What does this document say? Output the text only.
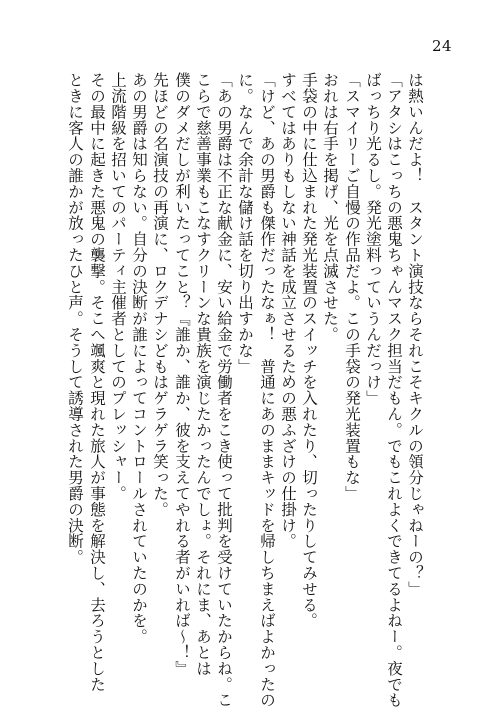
24
は熱いんだよ！　スタント演技ならそれこそキクルの領分じゃねーの？」
「アタシはこっちの悪鬼ちゃんマスク担当だもん。でもこれよくできてるよねー。夜でも
ばっちり光るし。発光塗料っていうんだっけ」
「スマイリーご自慢の作品だよ。この手袋の発光装置もな」
おれは右手を掲げ、光を点滅させた。
手袋の中に仕込まれた発光装置のスイッチを入れたり、切ったりしてみせる。
すべてはありもしない神話を成立させるための悪ふざけの仕掛け。
「けど、あの男爵も傑作だったなぁ！　普通にあのままキッドを帰しちまえばよかったの
に。なんで余計な儲け話を切り出すかな」
「あの男爵は不正な献金に、安い給金で労働者をこき使って批判を受けていたからね。こ
こらで慈善事業もこなすクリーンな貴族を演じたかったんでしょ。それにま、あとは
僕のダメだしが利いたってこと？『誰か、誰か、彼を支えてやれる者がいれば〜！』
先ほどの名演技の再演に、ロクデナシどもはゲラゲラ笑った。
あの男爵は知らない。自分の決断が誰によってコントロールされていたのかを。
上流階級を招いてのパーティ主催者としてのプレッシャー。
その最中に起きた悪鬼の襲撃。そこへ颯爽と現れた旅人が事態を解決し、去ろうとした
ときに客人の誰かが放ったひと声。そうして誘導された男爵の決断。
